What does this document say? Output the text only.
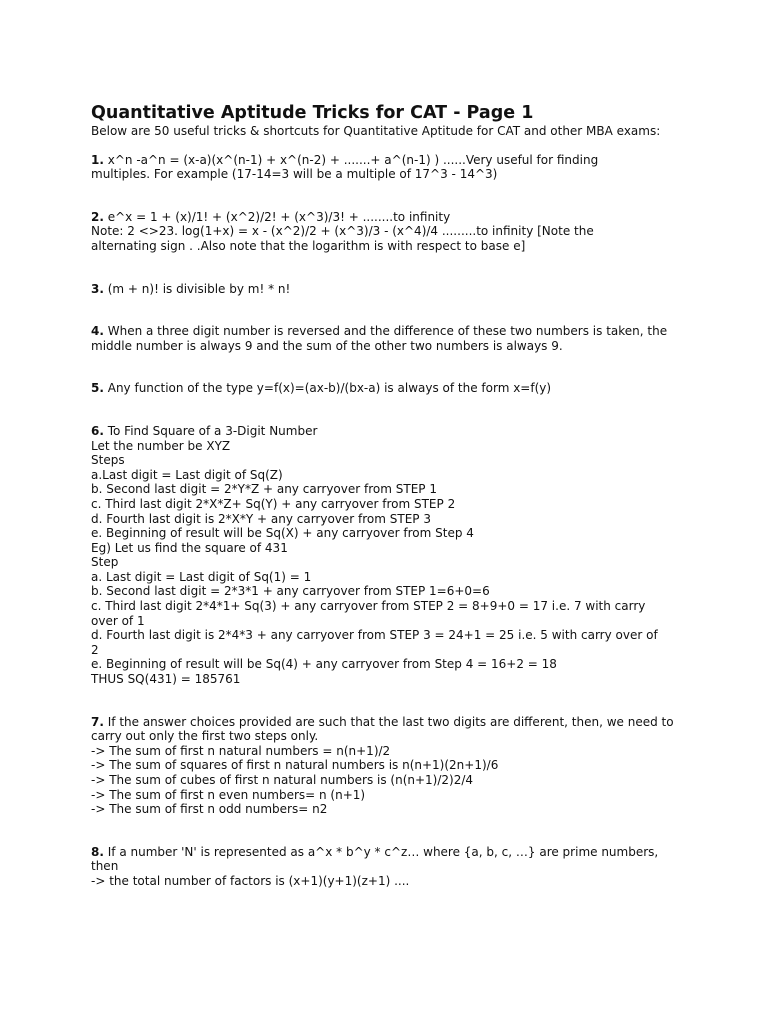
Quantitative Aptitude Tricks for CAT - Page 1

Below are 50 useful tricks & shortcuts for Quantitative Aptitude for CAT and other MBA exams:

1. x^n -a^n = (x-a)(x^(n-1) + x^(n-2) + .......+ a^(n-1) ) ......Very useful for finding
multiples. For example (17-14=3 will be a multiple of 17^3 - 14^3)
2. e^x = 1 + (x)/1! + (x^2)/2! + (x^3)/3! + ........to infinity
Note: 2 <>23. log(1+x) = x - (x^2)/2 + (x^3)/3 - (x^4)/4 .........to infinity [Note the
alternating sign . .Also note that the logarithm is with respect to base e]
3. (m + n)! is divisible by m! * n!
4. When a three digit number is reversed and the difference of these two numbers is taken, the
middle number is always 9 and the sum of the other two numbers is always 9.
5. Any function of the type y=f(x)=(ax-b)/(bx-a) is always of the form x=f(y)
6. To Find Square of a 3-Digit Number
Let the number be XYZ
Steps
a.Last digit = Last digit of Sq(Z)
b. Second last digit = 2*Y*Z + any carryover from STEP 1
c. Third last digit 2*X*Z+ Sq(Y) + any carryover from STEP 2
d. Fourth last digit is 2*X*Y + any carryover from STEP 3
e. Beginning of result will be Sq(X) + any carryover from Step 4
Eg) Let us find the square of 431
Step
a. Last digit = Last digit of Sq(1) = 1
b. Second last digit = 2*3*1 + any carryover from STEP 1=6+0=6
c. Third last digit 2*4*1+ Sq(3) + any carryover from STEP 2 = 8+9+0 = 17 i.e. 7 with carry
over of 1
d. Fourth last digit is 2*4*3 + any carryover from STEP 3 = 24+1 = 25 i.e. 5 with carry over of
2
e. Beginning of result will be Sq(4) + any carryover from Step 4 = 16+2 = 18
THUS SQ(431) = 185761
7. If the answer choices provided are such that the last two digits are different, then, we need to
carry out only the first two steps only.
-> The sum of first n natural numbers = n(n+1)/2
-> The sum of squares of first n natural numbers is n(n+1)(2n+1)/6
-> The sum of cubes of first n natural numbers is (n(n+1)/2)2/4
-> The sum of first n even numbers= n (n+1)
-> The sum of first n odd numbers= n2
8. If a number 'N' is represented as a^x * b^y * c^z… where {a, b, c, …} are prime numbers,
then
-> the total number of factors is (x+1)(y+1)(z+1) ....
